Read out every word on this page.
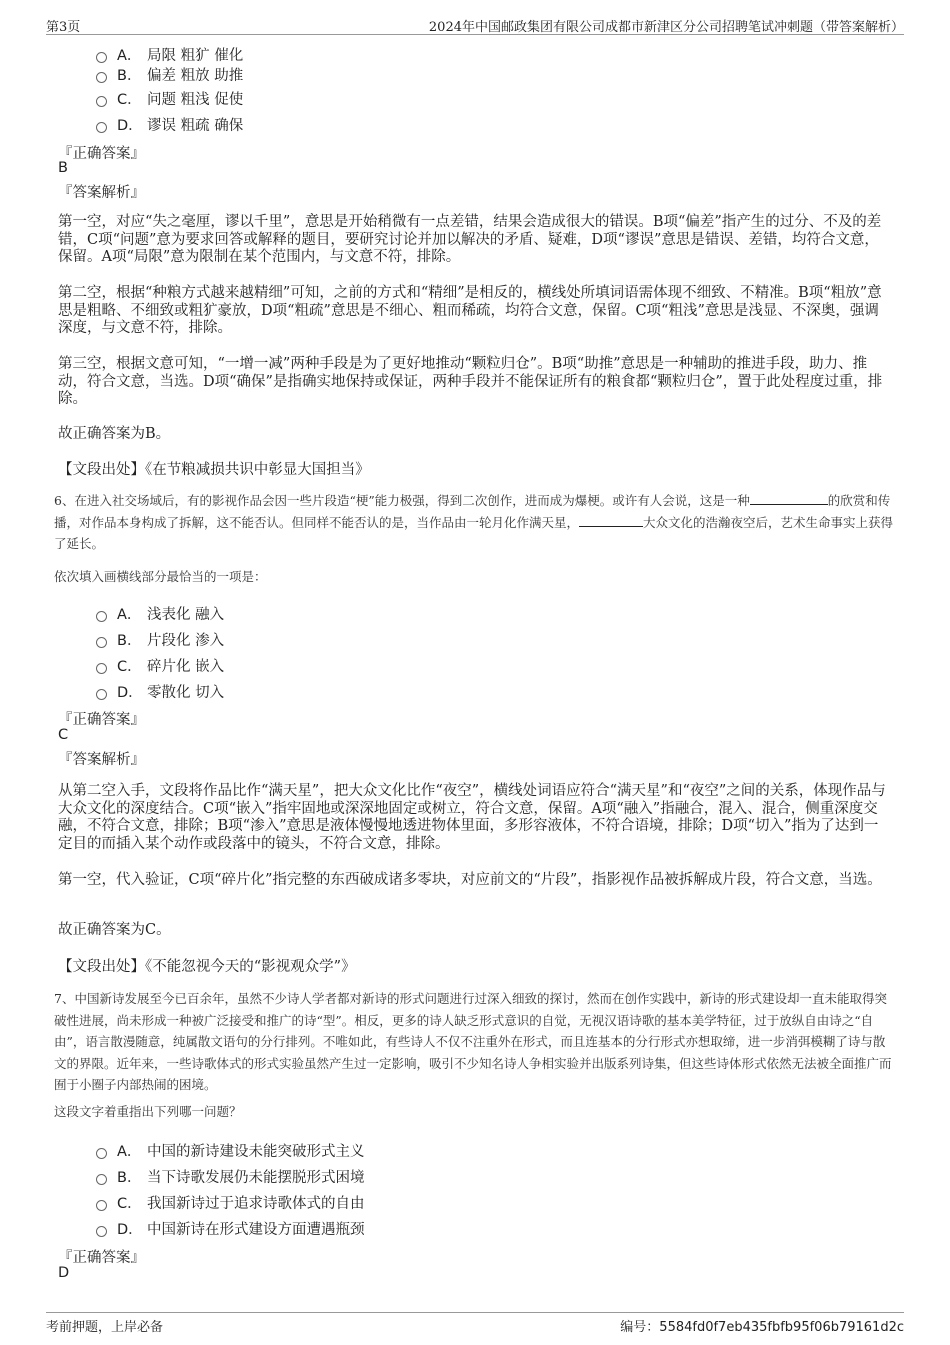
第3页	2024年中国邮政集团有限公司成都市新津区分公司招聘笔试冲刺题（带答案解析）
A． 局限 粗犷 催化
B． 偏差 粗放 助推
C． 问题 粗浅 促使
D． 谬误 粗疏 确保
『正确答案』
B
『答案解析』
第一空，对应“失之毫厘，谬以千里”，意思是开始稍微有一点差错，结果会造成很大的错误。B项“偏差”指产生的过分、不及的差错，C项“问题”意为要求回答或解释的题目，要研究讨论并加以解决的矛盾、疑难，D项“谬误”意思是错误、差错，均符合文意，保留。A项“局限”意为限制在某个范围内，与文意不符，排除。
第二空，根据“种粮方式越来越精细”可知，之前的方式和“精细”是相反的，横线处所填词语需体现不细致、不精准。B项“粗放”意思是粗略、不细致或粗犷豪放，D项“粗疏”意思是不细心、粗而稀疏，均符合文意，保留。C项“粗浅”意思是浅显、不深奥，强调深度，与文意不符，排除。
第三空，根据文意可知，“一增一减”两种手段是为了更好地推动“颗粒归仓”。B项“助推”意思是一种辅助的推进手段，助力、推动，符合文意，当选。D项“确保”是指确实地保持或保证，两种手段并不能保证所有的粮食都“颗粒归仓”，置于此处程度过重，排除。
故正确答案为B。
【文段出处】《在节粮减损共识中彰显大国担当》
6、在进入社交场域后，有的影视作品会因一些片段造“梗”能力极强，得到二次创作，进而成为爆梗。或许有人会说，这是一种	的欣赏和传播，对作品本身构成了拆解，这不能否认。但同样不能否认的是，当作品由一轮月化作满天星，	大众文化的浩瀚夜空后，艺术生命事实上获得了延长。
依次填入画横线部分最恰当的一项是：
A． 浅表化 融入
B． 片段化 渗入
C． 碎片化 嵌入
D． 零散化 切入
『正确答案』
C
『答案解析』
从第二空入手，文段将作品比作“满天星”，把大众文化比作“夜空”，横线处词语应符合“满天星”和“夜空”之间的关系，体现作品与大众文化的深度结合。C项“嵌入”指牢固地或深深地固定或树立，符合文意，保留。A项“融入”指融合，混入、混合，侧重深度交融，不符合文意，排除；B项“渗入”意思是液体慢慢地透进物体里面，多形容液体，不符合语境，排除；D项“切入”指为了达到一定目的而插入某个动作或段落中的镜头，不符合文意，排除。
第一空，代入验证，C项“碎片化”指完整的东西破成诸多零块，对应前文的“片段”，指影视作品被拆解成片段，符合文意，当选。
故正确答案为C。
【文段出处】《不能忽视今天的“影视观众学”》
7、中国新诗发展至今已百余年，虽然不少诗人学者都对新诗的形式问题进行过深入细致的探讨，然而在创作实践中，新诗的形式建设却一直未能取得突破性进展，尚未形成一种被广泛接受和推广的诗“型”。相反，更多的诗人缺乏形式意识的自觉，无视汉语诗歌的基本美学特征，过于放纵自由诗之“自由”，语言散漫随意，纯属散文语句的分行排列。不唯如此，有些诗人不仅不注重外在形式，而且连基本的分行形式亦想取缔，进一步消弭模糊了诗与散文的界限。近年来，一些诗歌体式的形式实验虽然产生过一定影响，吸引不少知名诗人争相实验并出版系列诗集，但这些诗体形式依然无法被全面推广而囿于小圈子内部热闹的困境。
这段文字着重指出下列哪一问题？
A． 中国的新诗建设未能突破形式主义
B． 当下诗歌发展仍未能摆脱形式困境
C． 我国新诗过于追求诗歌体式的自由
D． 中国新诗在形式建设方面遭遇瓶颈
『正确答案』
D
考前押题，上岸必备	编号：5584fd0f7eb435fbfb95f06b79161d2c
